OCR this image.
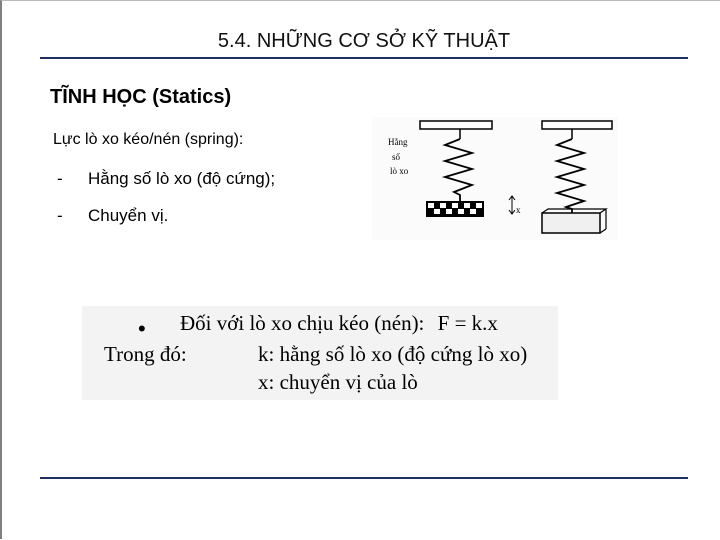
5.4. NHỮNG CƠ SỞ KỸ THUẬT
TĨNH HỌC (Statics)
Lực lò xo kéo/nén (spring):
- Hằng số lò xo (độ cứng);
- Chuyển vị.
Hằng
số
lò xo
x
• Đối với lò xo chịu kéo (nén): F = k.x
Trong đó:	k: hằng số lò xo (độ cứng lò xo)
x: chuyển vị của lò
